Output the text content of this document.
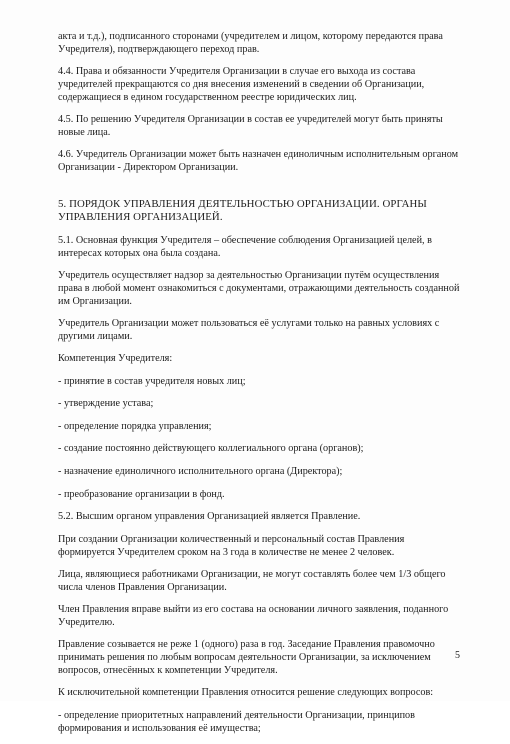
акта и т.д.), подписанного сторонами (учредителем и лицом, которому передаются права
Учредителя), подтверждающего переход прав.

4.4. Права и обязанности Учредителя Организации в случае его выхода из состава
учредителей прекращаются со дня внесения изменений в сведении об Организации,
содержащиеся в едином государственном реестре юридических лиц.

4.5. По решению Учредителя Организации в состав ее учредителей могут быть приняты
новые лица.

4.6. Учредитель Организации может быть назначен единоличным исполнительным органом
Организации - Директором Организации.

5. ПОРЯДОК УПРАВЛЕНИЯ ДЕЯТЕЛЬНОСТЬЮ ОРГАНИЗАЦИИ. ОРГАНЫ
УПРАВЛЕНИЯ ОРГАНИЗАЦИЕЙ.

5.1. Основная функция Учредителя – обеспечение соблюдения Организацией целей, в
интересах которых она была создана.

Учредитель осуществляет надзор за деятельностью Организации путём осуществления
права в любой момент ознакомиться с документами, отражающими деятельность созданной
им Организации.

Учредитель Организации может пользоваться её услугами только на равных условиях с
другими лицами.

Компетенция Учредителя:

- принятие в состав учредителя новых лиц;

- утверждение устава;

- определение порядка управления;

- создание постоянно действующего коллегиального органа (органов);

- назначение единоличного исполнительного органа (Директора);

- преобразование организации в фонд.

5.2. Высшим органом управления Организацией является Правление.

При создании Организации количественный и персональный состав Правления
формируется Учредителем сроком на 3 года в количестве не менее 2 человек.

Лица, являющиеся работниками Организации, не могут составлять более чем 1/3 общего
числа членов Правления Организации.

Член Правления вправе выйти из его состава на основании личного заявления, поданного
Учредителю.

Правление созывается не реже 1 (одного) раза в год. Заседание Правления правомочно
принимать решения по любым вопросам деятельности Организации, за исключением
вопросов, отнесённых к компетенции Учредителя.

К исключительной компетенции Правления относится решение следующих вопросов:

- определение приоритетных направлений деятельности Организации, принципов
формирования и использования её имущества;

5
